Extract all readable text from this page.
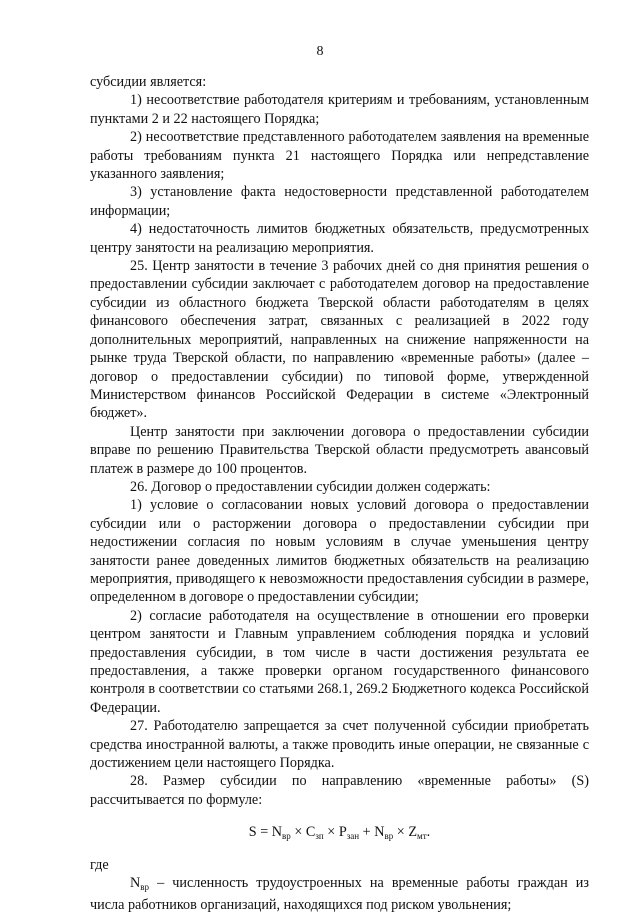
8

субсидии является:

1) несоответствие работодателя критериям и требованиям, установленным пунктами 2 и 22 настоящего Порядка;

2) несоответствие представленного работодателем заявления на временные работы требованиям пункта 21 настоящего Порядка или непредставление указанного заявления;

3) установление факта недостоверности представленной работодателем информации;

4) недостаточность лимитов бюджетных обязательств, предусмотренных центру занятости на реализацию мероприятия.

25. Центр занятости в течение 3 рабочих дней со дня принятия решения о предоставлении субсидии заключает с работодателем договор на предоставление субсидии из областного бюджета Тверской области работодателям в целях финансового обеспечения затрат, связанных с реализацией в 2022 году дополнительных мероприятий, направленных на снижение напряженности на рынке труда Тверской области, по направлению «временные работы» (далее – договор о предоставлении субсидии) по типовой форме, утвержденной Министерством финансов Российской Федерации в системе «Электронный бюджет».

Центр занятости при заключении договора о предоставлении субсидии вправе по решению Правительства Тверской области предусмотреть авансовый платеж в размере до 100 процентов.

26. Договор о предоставлении субсидии должен содержать:

1) условие о согласовании новых условий договора о предоставлении субсидии или о расторжении договора о предоставлении субсидии при недостижении согласия по новым условиям в случае уменьшения центру занятости ранее доведенных лимитов бюджетных обязательств на реализацию мероприятия, приводящего к невозможности предоставления субсидии в размере, определенном в договоре о предоставлении субсидии;

2) согласие работодателя на осуществление в отношении его проверки центром занятости и Главным управлением соблюдения порядка и условий предоставления субсидии, в том числе в части достижения результата ее предоставления, а также проверки органом государственного финансового контроля в соответствии со статьями 268.1, 269.2 Бюджетного кодекса Российской Федерации.

27. Работодателю запрещается за счет полученной субсидии приобретать средства иностранной валюты, а также проводить иные операции, не связанные с достижением цели настоящего Порядка.

28. Размер субсидии по направлению «временные работы» (S) рассчитывается по формуле:

$S = N_{вр} \times С_{зп} \times Р_{зан} + N_{вр} \times Z_{мт}$.

где

$N_{вр}$ – численность трудоустроенных на временные работы граждан из числа работников организаций, находящихся под риском увольнения;
